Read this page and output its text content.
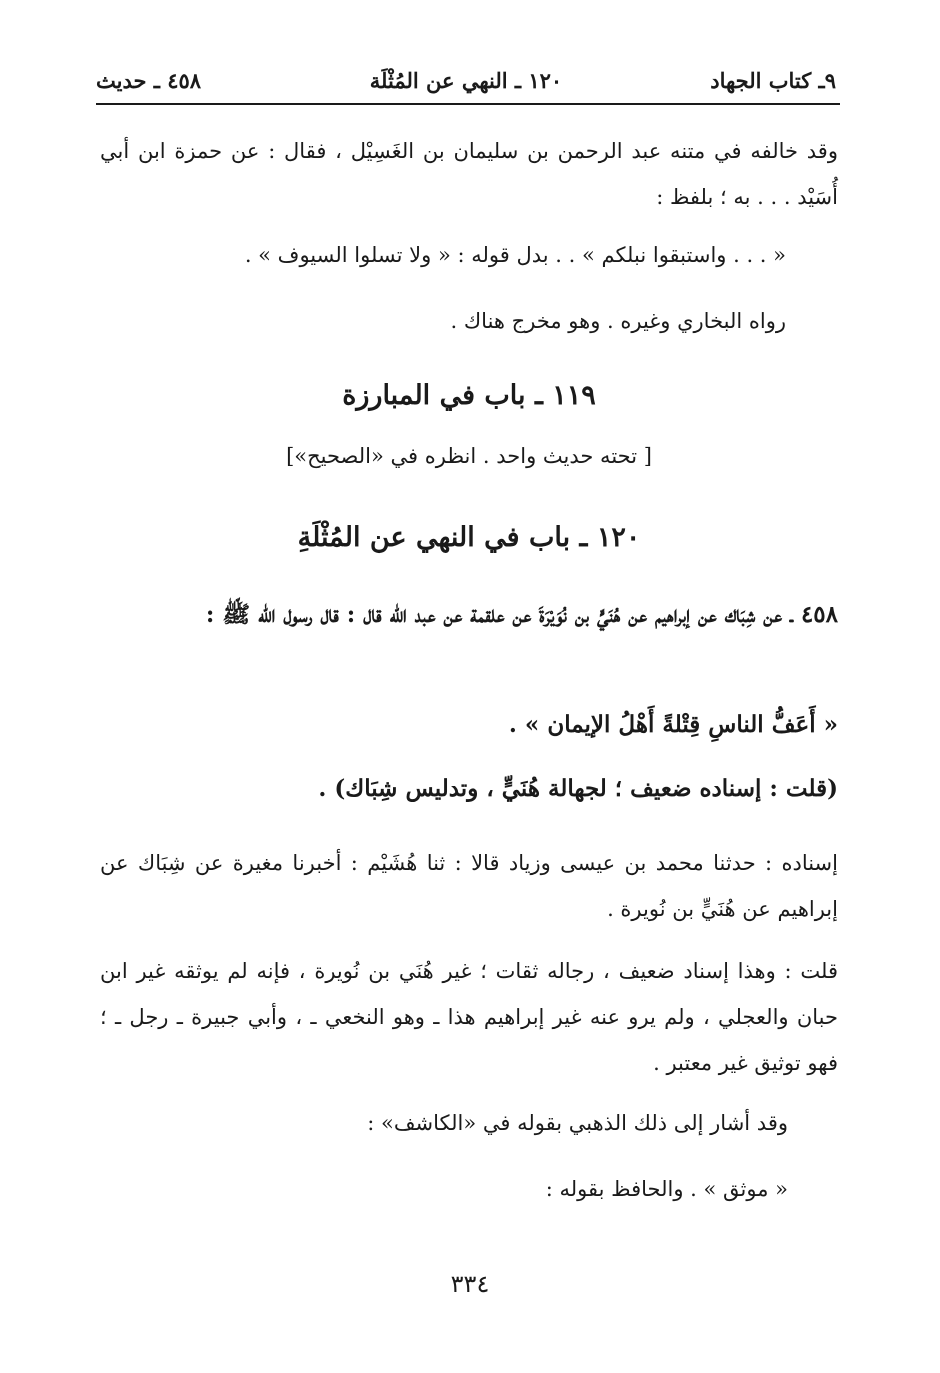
٩ـ كتاب الجهاد
١٢٠ ـ النهي عن المُثْلَة
٤٥٨ ـ حديث

وقد خالفه في متنه عبد الرحمن بن سليمان بن الغَسِيْل ، فقال : عن حمزة ابن أبي أُسَيْد . . . به ؛ بلفظ :

« . . . واستبقوا نبلكم » . . بدل قوله : « ولا تسلوا السيوف » .

رواه البخاري وغيره . وهو مخرج هناك .

١١٩ ـ باب في المبارزة

[ تحته حديث واحد . انظره في «الصحيح»]

١٢٠ ـ باب في النهي عن المُثْلَةِ

٤٥٨ ـ عن شِبَاك عن إبراهيم عن هُنَيٍّ بن نُوَيْرَةَ عن علقمة عن عبد الله قال : قال رسول الله ﷺ :

« أَعَفُّ الناسِ قِتْلةً أَهْلُ الإيمان » .

(قلت : إسناده ضعيف ؛ لجهالة هُنَيٍّ ، وتدليس شِبَاك) .

إسناده : حدثنا محمد بن عيسى وزياد قالا : ثنا هُشَيْم : أخبرنا مغيرة عن شِبَاك عن إبراهيم عن هُنَيٍّ بن نُويرة .

قلت : وهذا إسناد ضعيف ، رجاله ثقات ؛ غير هُنَي بن نُويرة ، فإنه لم يوثقه غير ابن حبان والعجلي ، ولم يرو عنه غير إبراهيم هذا ـ وهو النخعي ـ ، وأبي جبيرة ـ رجل ـ ؛ فهو توثيق غير معتبر .

وقد أشار إلى ذلك الذهبي بقوله في «الكاشف» :

« موثق » . والحافظ بقوله :

٣٣٤
